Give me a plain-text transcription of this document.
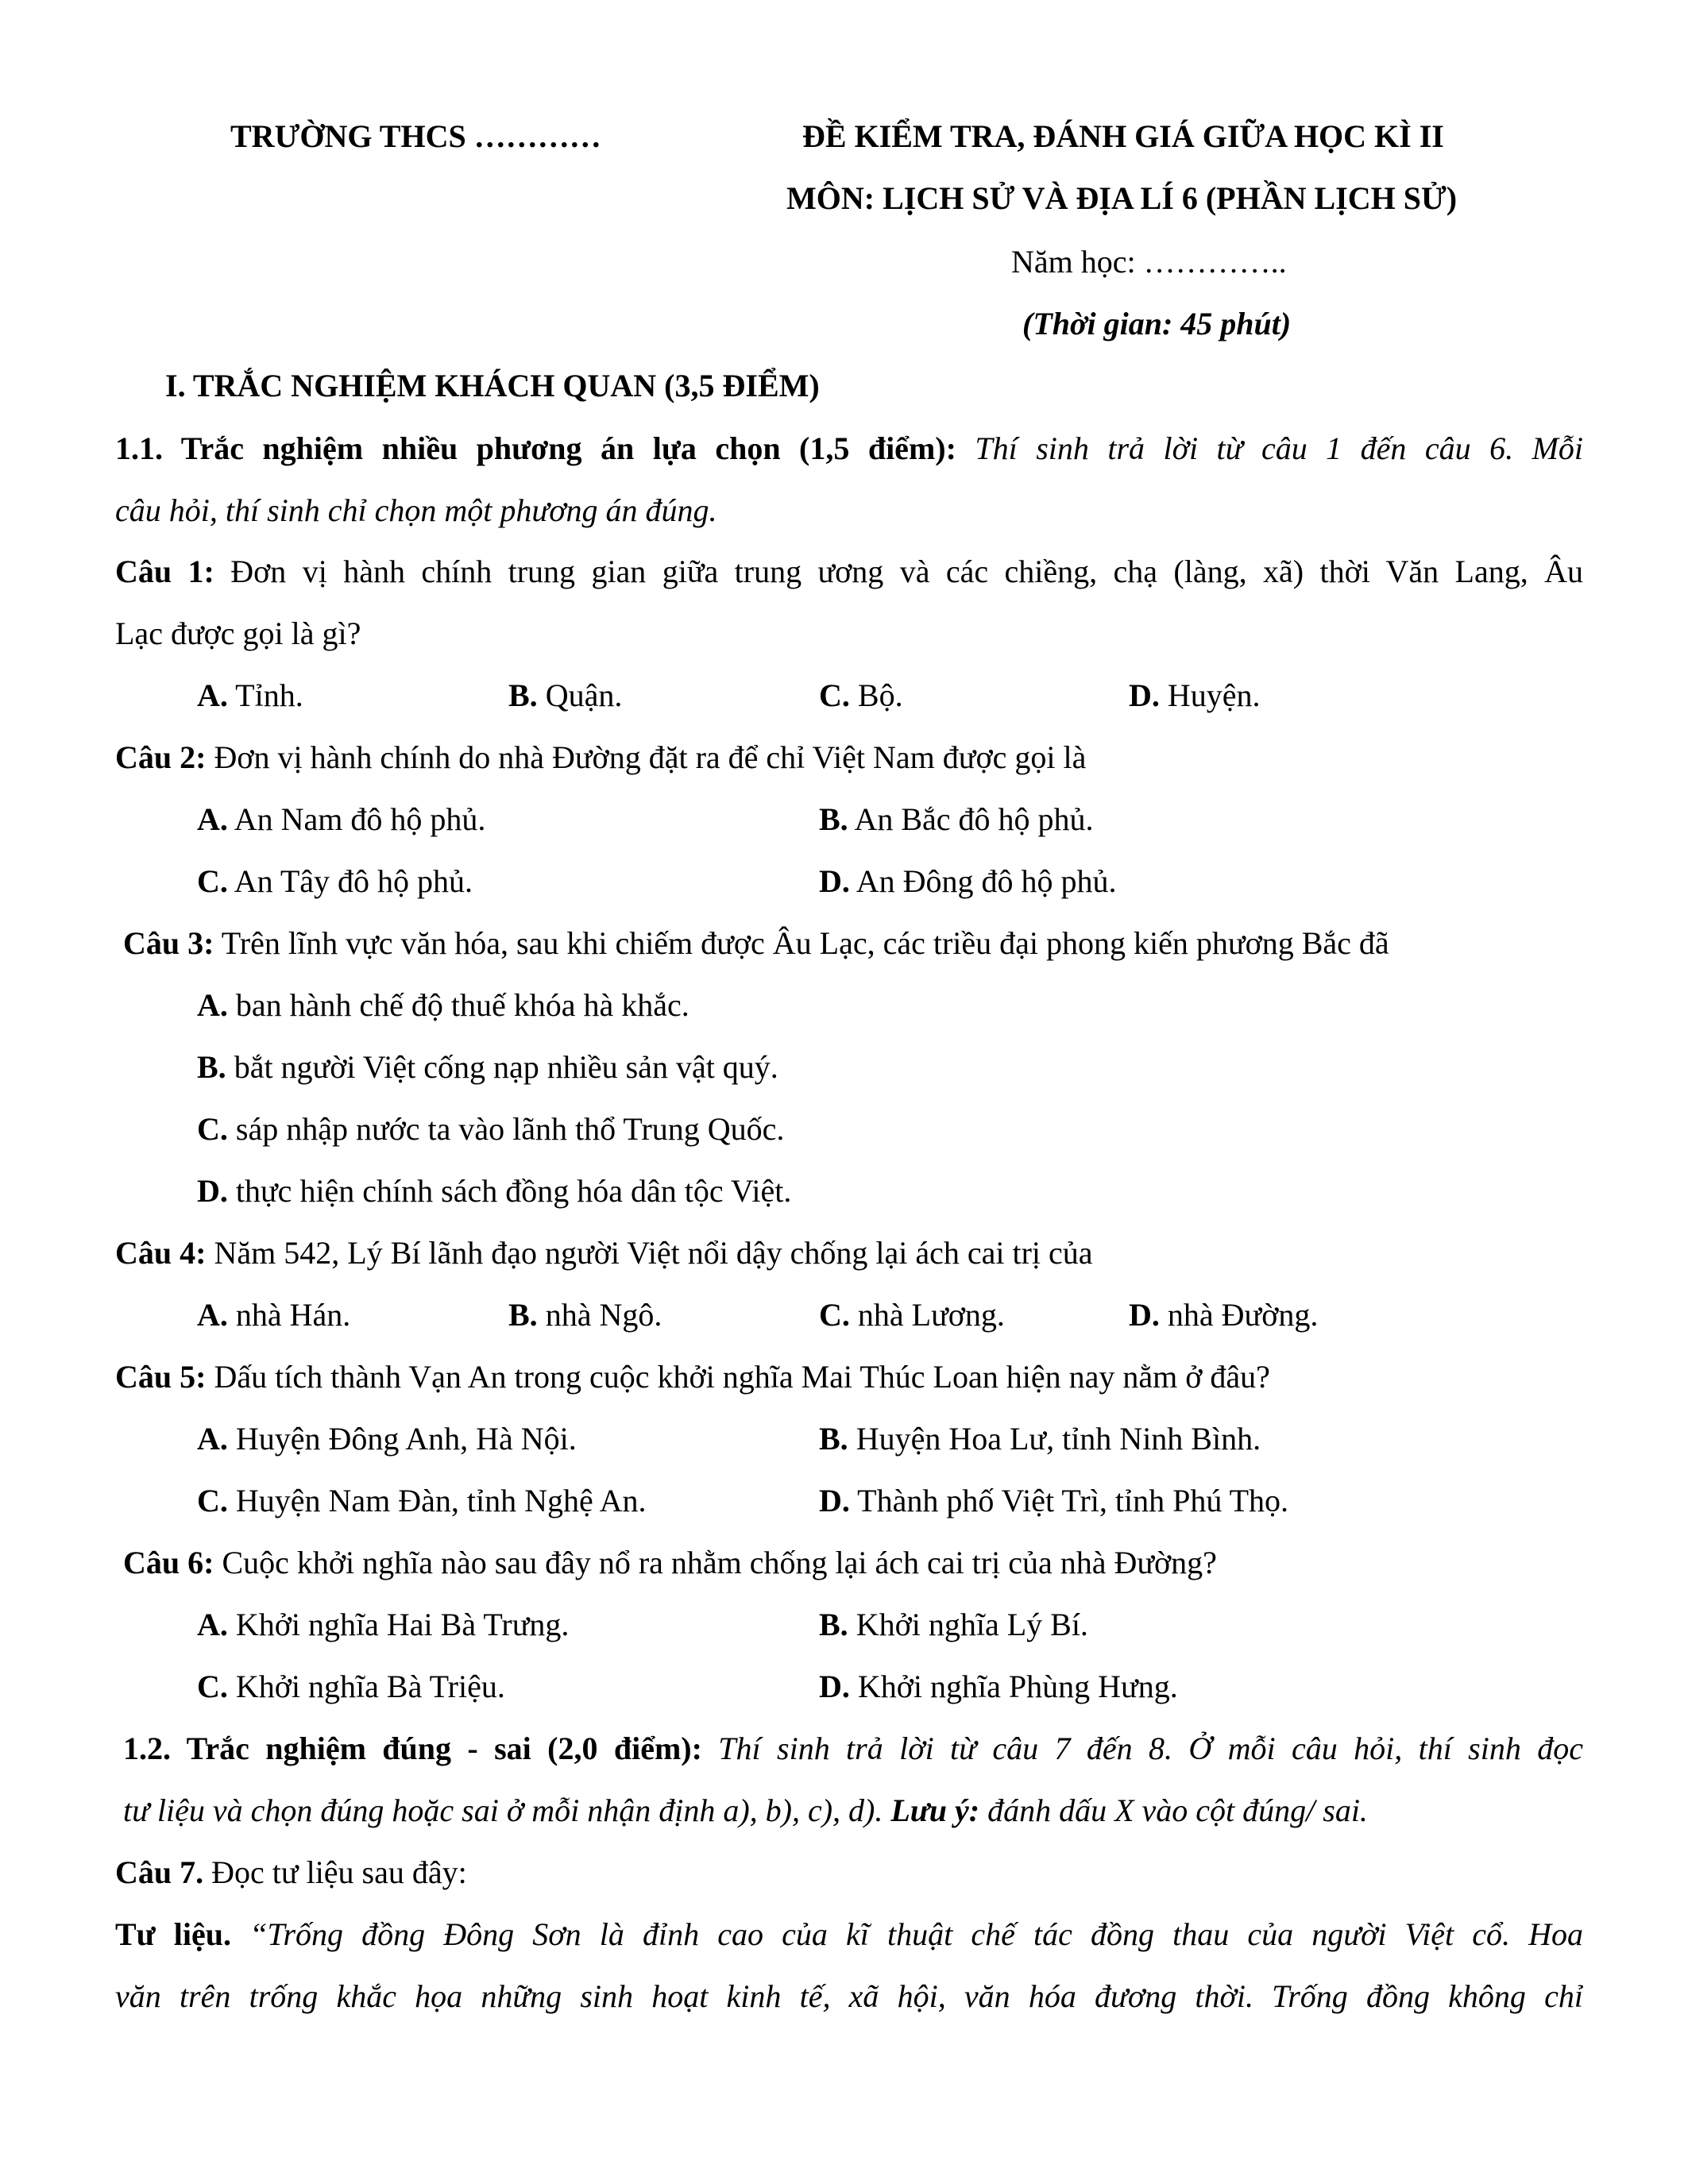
TRƯỜNG THCS …………	ĐỀ KIỂM TRA, ĐÁNH GIÁ GIỮA HỌC KÌ II
MÔN: LỊCH SỬ VÀ ĐỊA LÍ 6 (PHẦN LỊCH SỬ)
Năm học: …………..
(Thời gian: 45 phút)
I. TRẮC NGHIỆM KHÁCH QUAN (3,5 ĐIỂM)
1.1. Trắc nghiệm nhiều phương án lựa chọn (1,5 điểm): Thí sinh trả lời từ câu 1 đến câu 6. Mỗi
câu hỏi, thí sinh chỉ chọn một phương án đúng.
Câu 1: Đơn vị hành chính trung gian giữa trung ương và các chiềng, chạ (làng, xã) thời Văn Lang, Âu
Lạc được gọi là gì?
A. Tỉnh.	B. Quận.	C. Bộ.	D. Huyện.
Câu 2: Đơn vị hành chính do nhà Đường đặt ra để chỉ Việt Nam được gọi là
A. An Nam đô hộ phủ.	B. An Bắc đô hộ phủ.
C. An Tây đô hộ phủ.	D. An Đông đô hộ phủ.
Câu 3: Trên lĩnh vực văn hóa, sau khi chiếm được Âu Lạc, các triều đại phong kiến phương Bắc đã
A. ban hành chế độ thuế khóa hà khắc.
B. bắt người Việt cống nạp nhiều sản vật quý.
C. sáp nhập nước ta vào lãnh thổ Trung Quốc.
D. thực hiện chính sách đồng hóa dân tộc Việt.
Câu 4: Năm 542, Lý Bí lãnh đạo người Việt nổi dậy chống lại ách cai trị của
A. nhà Hán.	B. nhà Ngô.	C. nhà Lương.	D. nhà Đường.
Câu 5: Dấu tích thành Vạn An trong cuộc khởi nghĩa Mai Thúc Loan hiện nay nằm ở đâu?
A. Huyện Đông Anh, Hà Nội.	B. Huyện Hoa Lư, tỉnh Ninh Bình.
C. Huyện Nam Đàn, tỉnh Nghệ An.	D. Thành phố Việt Trì, tỉnh Phú Thọ.
Câu 6: Cuộc khởi nghĩa nào sau đây nổ ra nhằm chống lại ách cai trị của nhà Đường?
A. Khởi nghĩa Hai Bà Trưng.	B. Khởi nghĩa Lý Bí.
C. Khởi nghĩa Bà Triệu.	D. Khởi nghĩa Phùng Hưng.
1.2. Trắc nghiệm đúng - sai (2,0 điểm): Thí sinh trả lời từ câu 7 đến 8. Ở mỗi câu hỏi, thí sinh đọc
tư liệu và chọn đúng hoặc sai ở mỗi nhận định a), b), c), d). Lưu ý: đánh dấu X vào cột đúng/ sai.
Câu 7. Đọc tư liệu sau đây:
Tư liệu. “Trống đồng Đông Sơn là đỉnh cao của kĩ thuật chế tác đồng thau của người Việt cổ. Hoa
văn trên trống khắc họa những sinh hoạt kinh tế, xã hội, văn hóa đương thời. Trống đồng không chỉ
